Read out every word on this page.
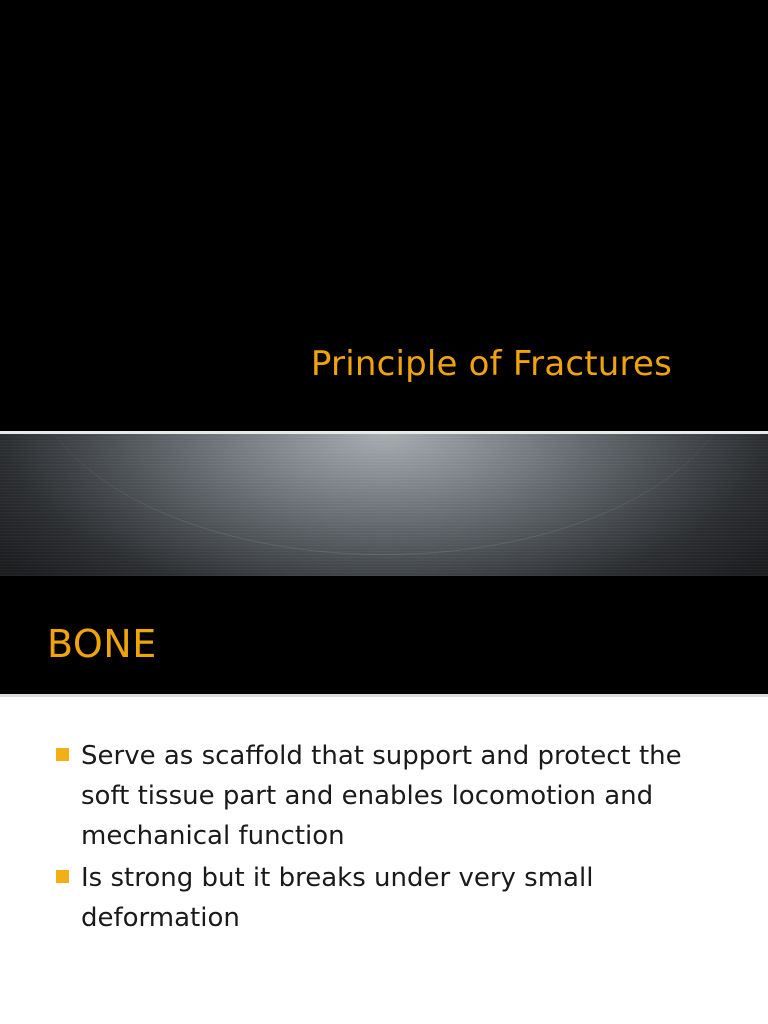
Principle of Fractures
BONE
Serve as scaffold that support and protect the soft tissue part and enables locomotion and mechanical function
Is strong but it breaks under very small deformation
